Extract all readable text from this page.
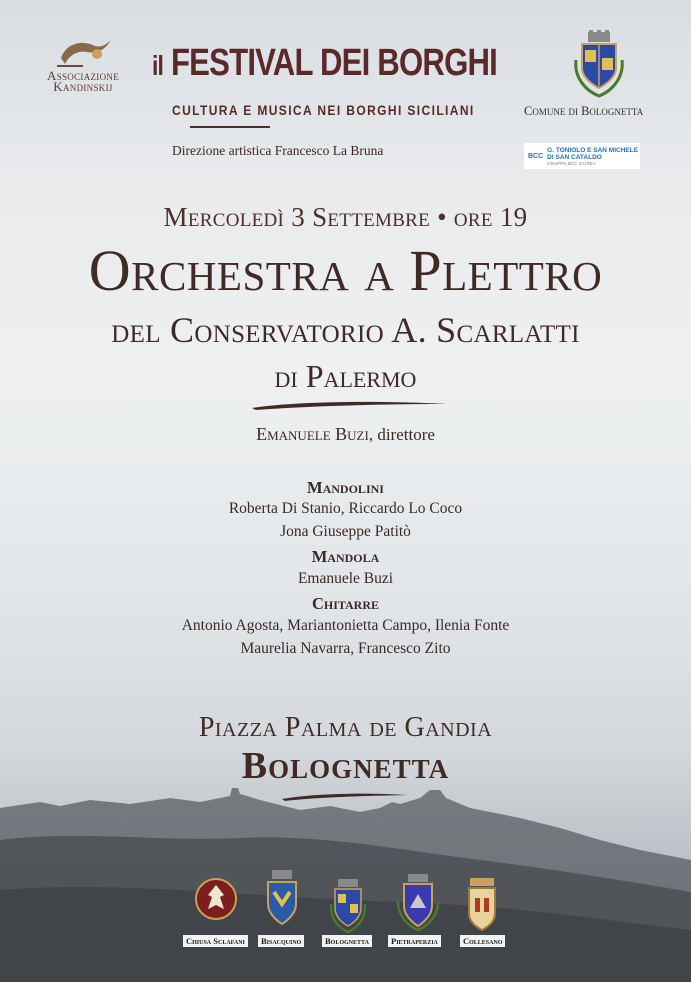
Associazione
Kandinskij
il FESTIVAL DEI BORGHI
CULTURA E MUSICA NEI BORGHI SICILIANI
Direzione artistica Francesco La Bruna
Comune di Bolognetta
BCC
G. TONIOLO E SAN MICHELE DI SAN CATALDO
GRUPPO BCC ICCREA
Mercoledì 3 Settembre • ore 19
Orchestra a Plettro
del Conservatorio A. Scarlatti
di Palermo
Emanuele Buzi, direttore
Mandolini
Roberta Di Stanio, Riccardo Lo Coco
Jona Giuseppe Patitò
Mandola
Emanuele Buzi
Chitarre
Antonio Agosta, Mariantonietta Campo, Ilenia Fonte
Maurelia Navarra, Francesco Zito
Piazza Palma de Gandia
Bolognetta
Chiusa Sclafani	Bisacquino	Bolognetta	Pietraperzia	Collesano
